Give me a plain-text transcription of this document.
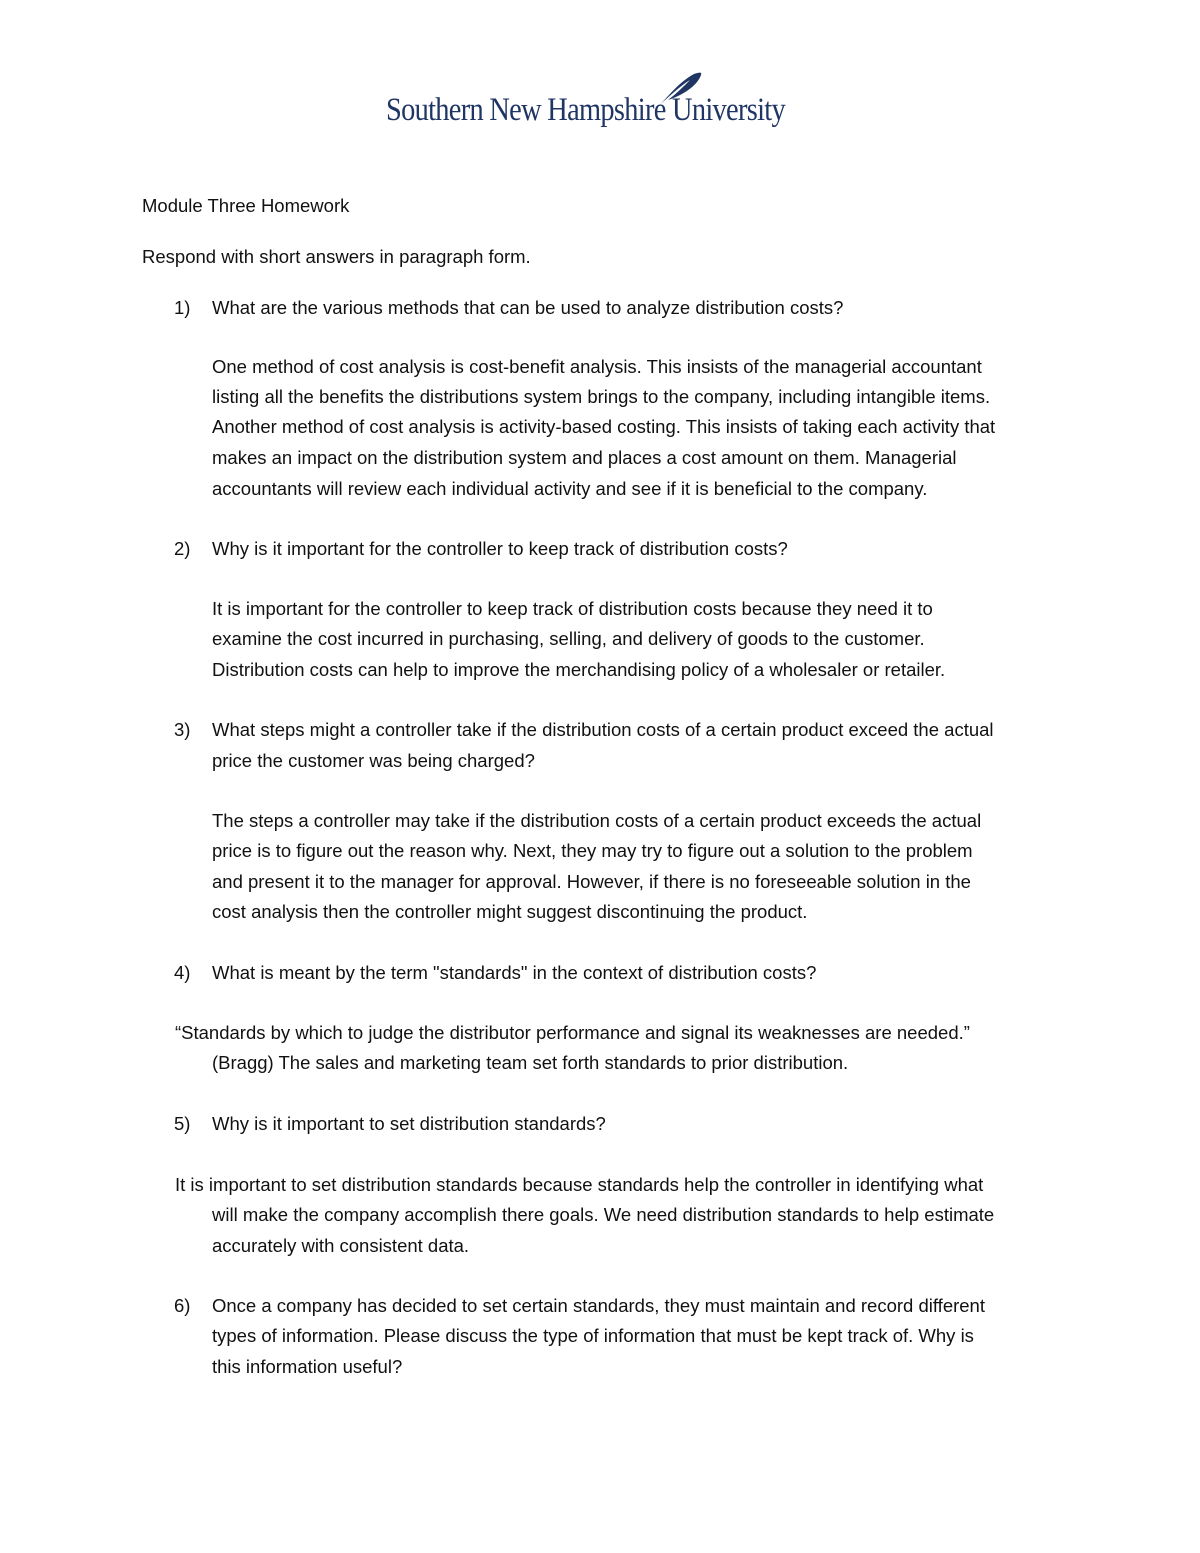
Southern New Hampshire University
Module Three Homework
Respond with short answers in paragraph form.
1) What are the various methods that can be used to analyze distribution costs?
One method of cost analysis is cost-benefit analysis. This insists of the managerial accountant
listing all the benefits the distributions system brings to the company, including intangible items.
Another method of cost analysis is activity-based costing. This insists of taking each activity that
makes an impact on the distribution system and places a cost amount on them. Managerial
accountants will review each individual activity and see if it is beneficial to the company.
2) Why is it important for the controller to keep track of distribution costs?
It is important for the controller to keep track of distribution costs because they need it to
examine the cost incurred in purchasing, selling, and delivery of goods to the customer.
Distribution costs can help to improve the merchandising policy of a wholesaler or retailer.
3) What steps might a controller take if the distribution costs of a certain product exceed the actual
price the customer was being charged?
The steps a controller may take if the distribution costs of a certain product exceeds the actual
price is to figure out the reason why. Next, they may try to figure out a solution to the problem
and present it to the manager for approval. However, if there is no foreseeable solution in the
cost analysis then the controller might suggest discontinuing the product.
4) What is meant by the term "standards" in the context of distribution costs?
“Standards by which to judge the distributor performance and signal its weaknesses are needed.”
(Bragg) The sales and marketing team set forth standards to prior distribution.
5) Why is it important to set distribution standards?
It is important to set distribution standards because standards help the controller in identifying what
will make the company accomplish there goals. We need distribution standards to help estimate
accurately with consistent data.
6) Once a company has decided to set certain standards, they must maintain and record different
types of information. Please discuss the type of information that must be kept track of. Why is
this information useful?
